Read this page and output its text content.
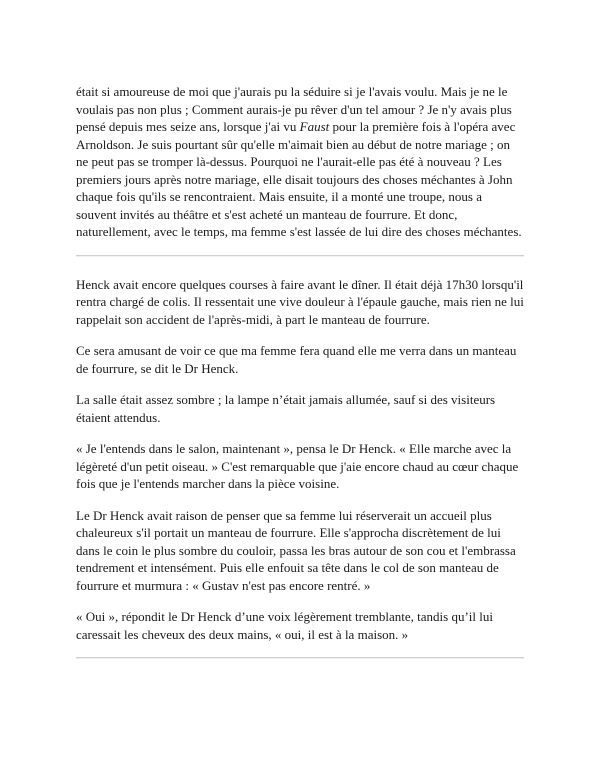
était si amoureuse de moi que j'aurais pu la séduire si je l'avais voulu. Mais je ne le voulais pas non plus ; Comment aurais-je pu rêver d'un tel amour ? Je n'y avais plus pensé depuis mes seize ans, lorsque j'ai vu Faust pour la première fois à l'opéra avec Arnoldson. Je suis pourtant sûr qu'elle m'aimait bien au début de notre mariage ; on ne peut pas se tromper là-dessus. Pourquoi ne l'aurait-elle pas été à nouveau ? Les premiers jours après notre mariage, elle disait toujours des choses méchantes à John chaque fois qu'ils se rencontraient. Mais ensuite, il a monté une troupe, nous a souvent invités au théâtre et s'est acheté un manteau de fourrure. Et donc, naturellement, avec le temps, ma femme s'est lassée de lui dire des choses méchantes.

Henck avait encore quelques courses à faire avant le dîner. Il était déjà 17h30 lorsqu'il rentra chargé de colis. Il ressentait une vive douleur à l'épaule gauche, mais rien ne lui rappelait son accident de l'après-midi, à part le manteau de fourrure.

Ce sera amusant de voir ce que ma femme fera quand elle me verra dans un manteau de fourrure, se dit le Dr Henck.

La salle était assez sombre ; la lampe n’était jamais allumée, sauf si des visiteurs étaient attendus.

« Je l'entends dans le salon, maintenant », pensa le Dr Henck. « Elle marche avec la légèreté d'un petit oiseau. » C'est remarquable que j'aie encore chaud au cœur chaque fois que je l'entends marcher dans la pièce voisine.

Le Dr Henck avait raison de penser que sa femme lui réserverait un accueil plus chaleureux s'il portait un manteau de fourrure. Elle s'approcha discrètement de lui dans le coin le plus sombre du couloir, passa les bras autour de son cou et l'embrassa tendrement et intensément. Puis elle enfouit sa tête dans le col de son manteau de fourrure et murmura : « Gustav n'est pas encore rentré. »

« Oui », répondit le Dr Henck d’une voix légèrement tremblante, tandis qu’il lui caressait les cheveux des deux mains, « oui, il est à la maison. »
